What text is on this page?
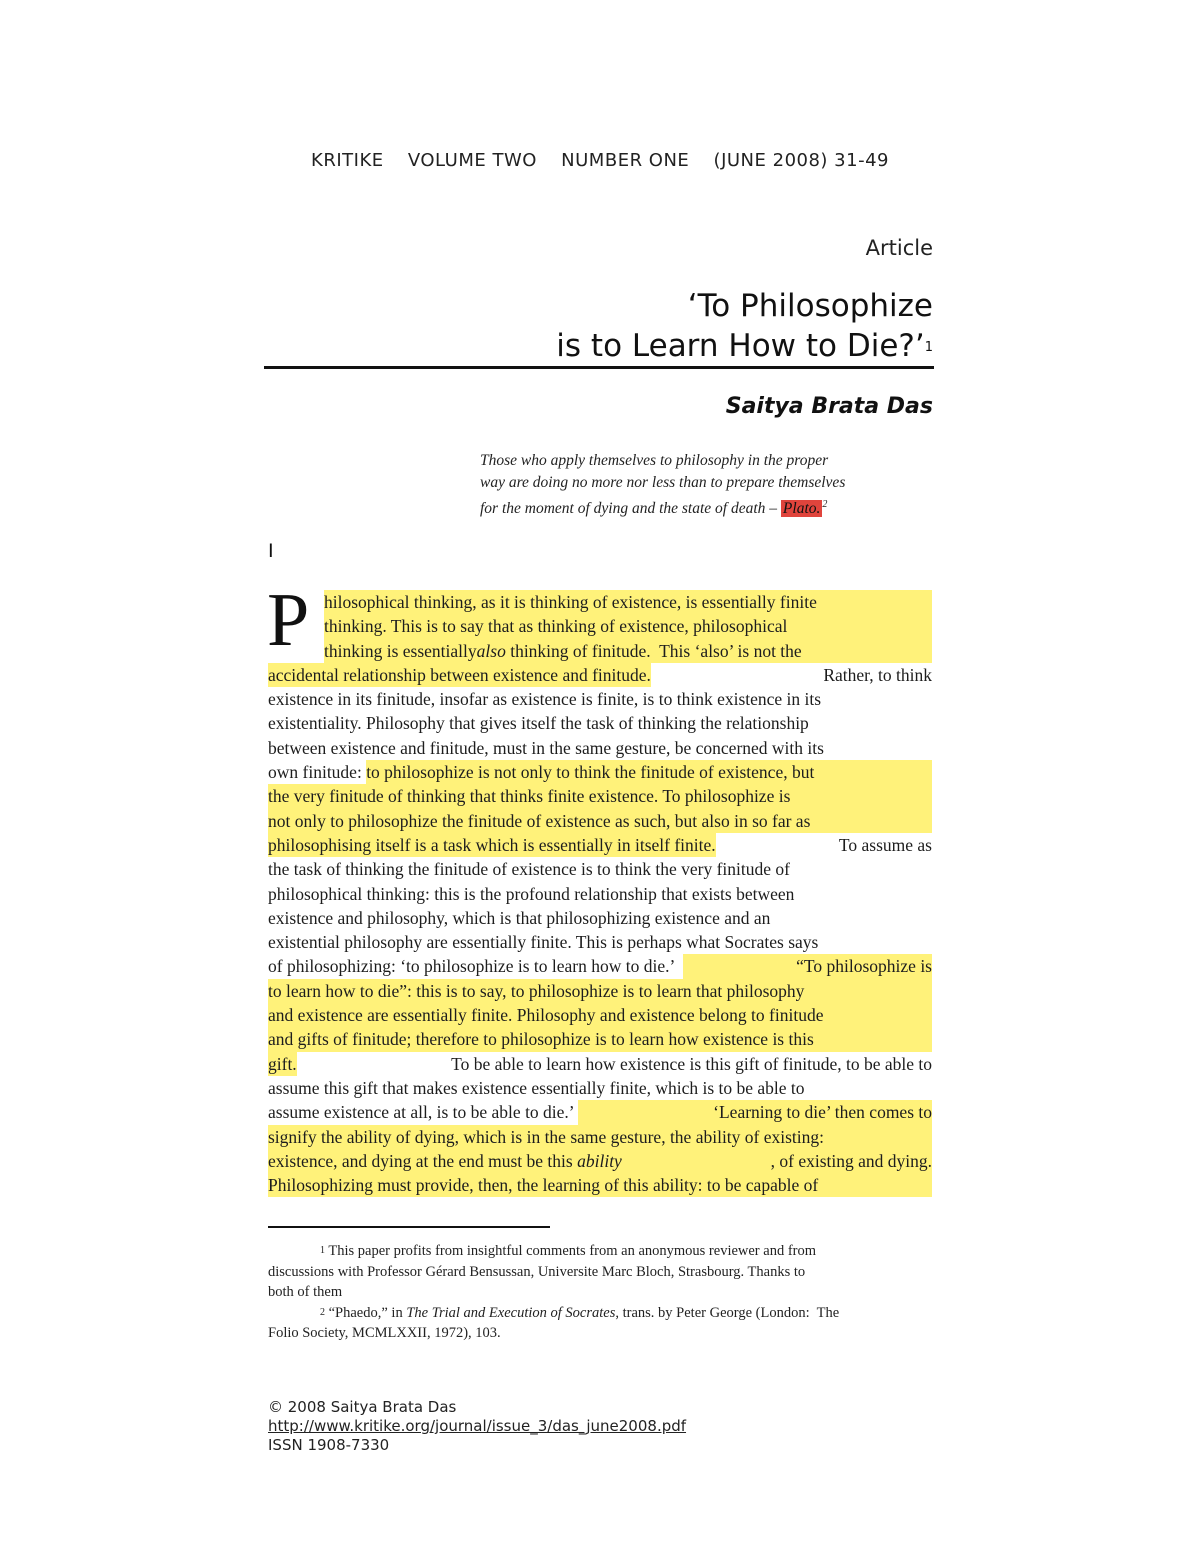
KRITIKE VOLUME TWO NUMBER ONE (JUNE 2008) 31-49
Article
‘To Philosophize
is to Learn How to Die?’$^1$
Saitya Brata Das
Those who apply themselves to philosophy in the proper
way are doing no more nor less than to prepare themselves
for the moment of dying and the state of death – Plato. $^2$
I
P hilosophical thinking, as it is thinking of existence, is essentially finite
thinking. This is to say that as thinking of existence, philosophical
thinking is essentially also thinking of finitude.  This ‘also’ is not the
accidental relationship between existence and finitude.	Rather, to think
existence in its finitude, insofar as existence is finite, is to think existence in its
existentiality. Philosophy that gives itself the task of thinking the relationship
between existence and finitude, must in the same gesture, be concerned with its
own finitude: to philosophize is not only to think the finitude of existence, but
the very finitude of thinking that thinks finite existence. To philosophize is
not only to philosophize the finitude of existence as such, but also in so far as
philosophising itself is a task which is essentially in itself finite.	To assume as
the task of thinking the finitude of existence is to think the very finitude of
philosophical thinking: this is the profound relationship that exists between
existence and philosophy, which is that philosophizing existence and an
existential philosophy are essentially finite. This is perhaps what Socrates says
of philosophizing: ‘to philosophize is to learn how to die.’	“To philosophize is
to learn how to die”: this is to say, to philosophize is to learn that philosophy
and existence are essentially finite. Philosophy and existence belong to finitude
and gifts of finitude; therefore to philosophize is to learn how existence is this
gift.	To be able to learn how existence is this gift of finitude, to be able to
assume this gift that makes existence essentially finite, which is to be able to
assume existence at all, is to be able to die.’	‘Learning to die’ then comes to
signify the ability of dying, which is in the same gesture, the ability of existing:
existence, and dying at the end must be this ability	, of existing and dying.
Philosophizing must provide, then, the learning of this ability: to be capable of
1 This paper profits from insightful comments from an anonymous reviewer and from
discussions with Professor Gérard Bensussan, Universite Marc Bloch, Strasbourg. Thanks to
both of them
2 “Phaedo,” in The Trial and Execution of Socrates , trans. by Peter George (London:  The
Folio Society, MCMLXXII, 1972), 103.
© 2008 Saitya Brata Das
http://www.kritike.org/journal/issue_3/das_june2008.pdf
ISSN 1908-7330
